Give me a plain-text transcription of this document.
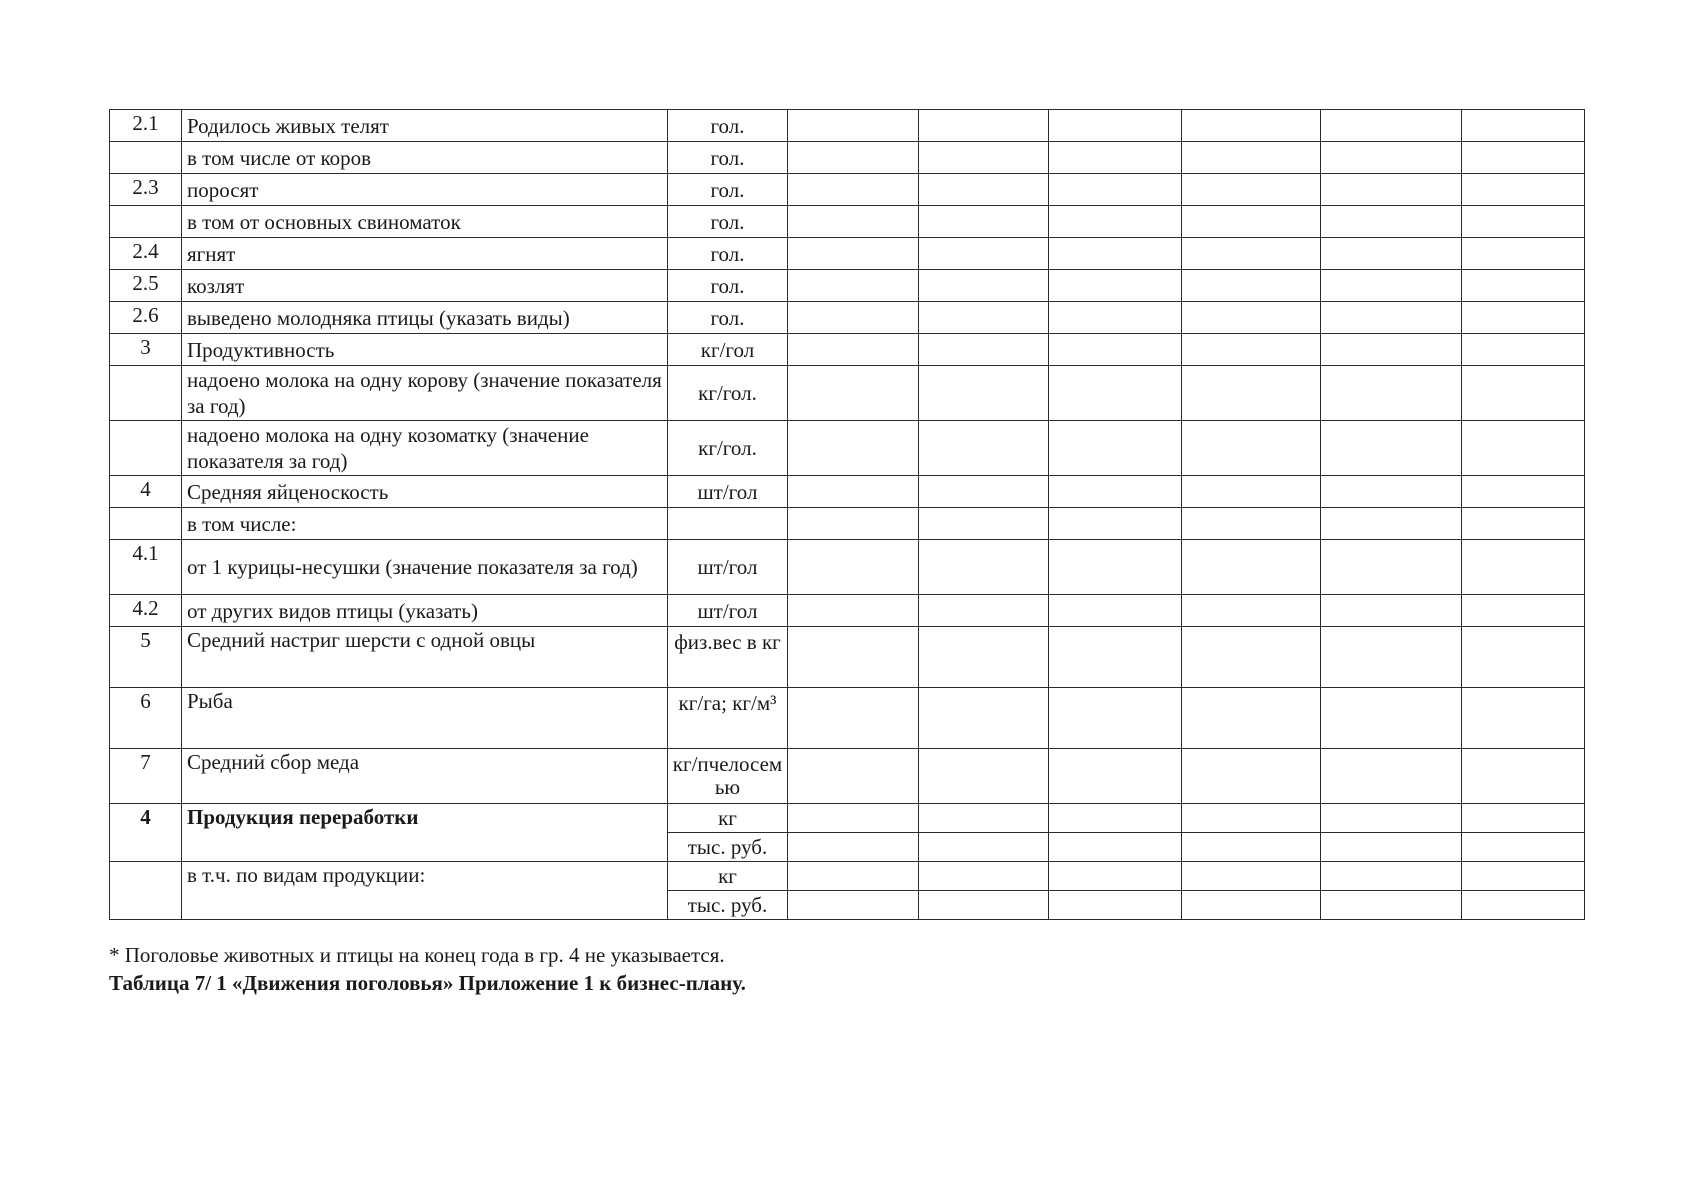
2.1	Родилось живых телят	гол.						
	в том числе от коров	гол.						
2.3	поросят	гол.						
	в том от основных свиноматок	гол.						
2.4	ягнят	гол.						
2.5	козлят	гол.						
2.6	выведено молодняка птицы (указать виды)	гол.						
3	Продуктивность	кг/гол						
	надоено молока на одну корову (значение показателя за год)	кг/гол.						
	надоено молока на одну козоматку (значение показателя за год)	кг/гол.						
4	Средняя яйценоскость	шт/гол						
	в том числе:							
4.1	от 1 курицы-несушки (значение показателя за год)	шт/гол						
4.2	от других видов птицы (указать)	шт/гол						
5	Средний настриг шерсти с одной овцы	физ.вес в кг						
6	Рыба	кг/га; кг/м³						
7	Средний сбор меда	кг/пчелосемью						
4	Продукция переработки	кг						
		тыс. руб.						
	в т.ч. по видам продукции:	кг						
		тыс. руб.						
* Поголовье животных и птицы на конец года в гр. 4 не указывается.
Таблица 7/ 1 «Движения поголовья» Приложение 1 к бизнес-плану.
